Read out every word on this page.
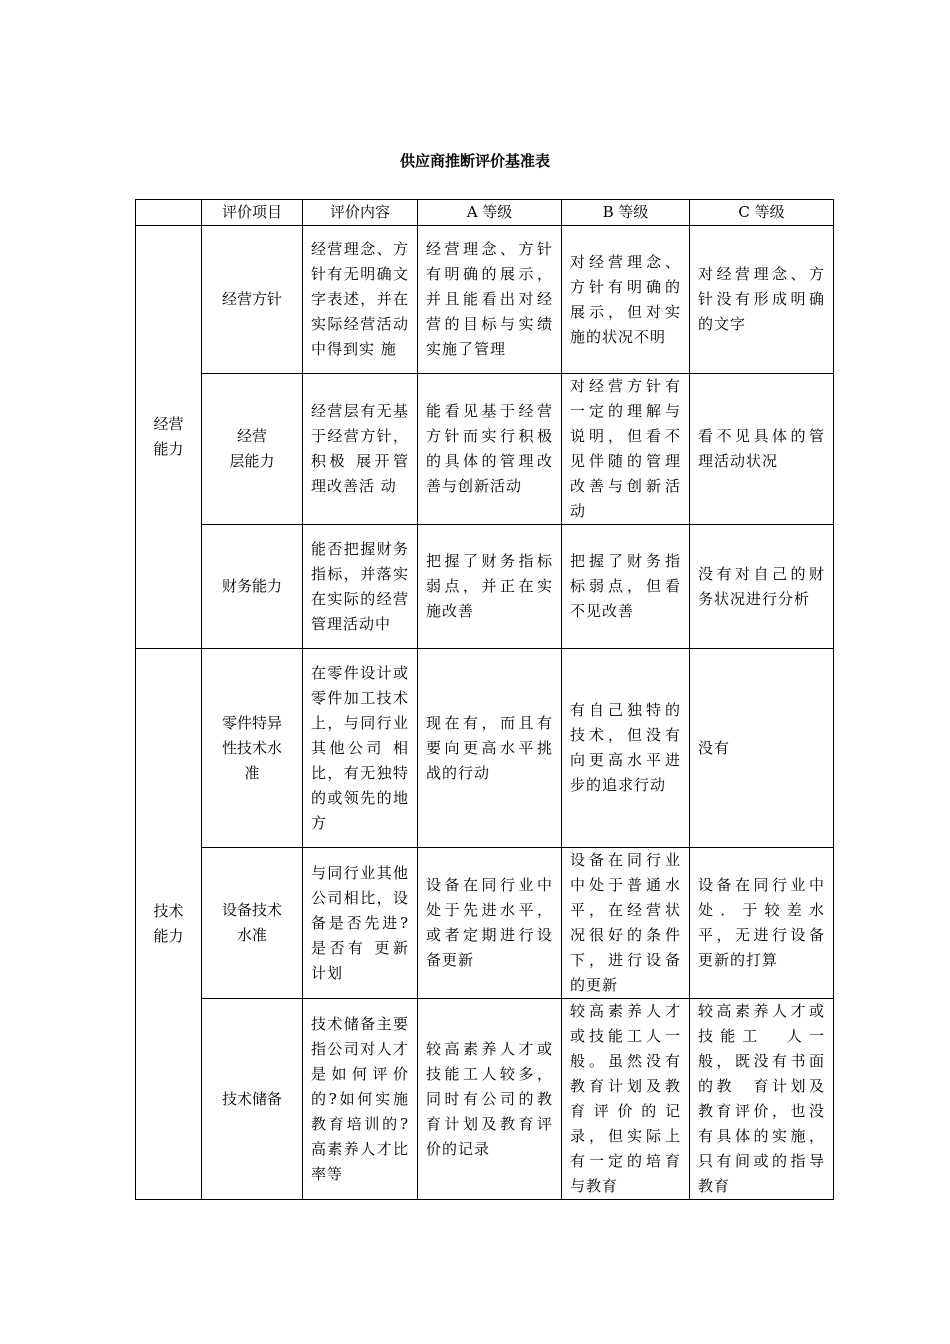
供应商推断评价基准表
	评价项目	评价内容	A 等级	B 等级	C 等级

经营
能力	经营方针	经营理念、方针有无明确文字表述，并在实际经营活动中得到实 施	经营理念、方针有明确的展示，并且能看出对经营的目标与实绩实施了管理	对经营理念、方针有明确的展示，但对实施的状况不明	对经营理念、方针没有形成明确的文字

	经营
层能力	经营层有无基于经营方针，积极 展开管理改善活 动	能看见基于经营方针而实行积极的具体的管理改善与创新活动	对经营方针有一定的理解与说明，但看不见伴随的管理改善与创新活动	看不见具体的管理活动状况

	财务能力	能否把握财务指标，并落实在实际的经营管理活动中	把握了财务指标弱点，并正在实施改善	把握了财务指标弱点，但看不见改善	没有对自己的财务状况进行分析

技术
能力	零件特异
性技术水
准	在零件设计或零件加工技术上，与同行业其他公司 相比，有无独特的或领先的地方	现在有，而且有要向更高水平挑战的行动	有自己独特的技术，但没有向更高水平进步的追求行动	没有

	设备技术
水准	与同行业其他公司相比，设备是否先进?是否有 更新计划	设备在同行业中处于先进水平，或者定期进行设备更新	设备在同行业中处于普通水平，在经营状况很好的条件下，进行设备的更新	设备在同行业中处．于较差水平，无进行设备更新的打算

	技术储备	技术储备主要指公司对人才是如何评价的?如何实施教育培训的?高素养人才比率等	较高素养人才或技能工人较多，同时有公司的教育计划及教育评价的记录	较高素养人才或技能工人一般。虽然没有教育计划及教育评价的记录，但实际上有一定的培育与教育	较高素养人才或技能工　人一般，既没有书面的教　育计划及教育评价，也没有具体的实施，只有间或的指导教育
